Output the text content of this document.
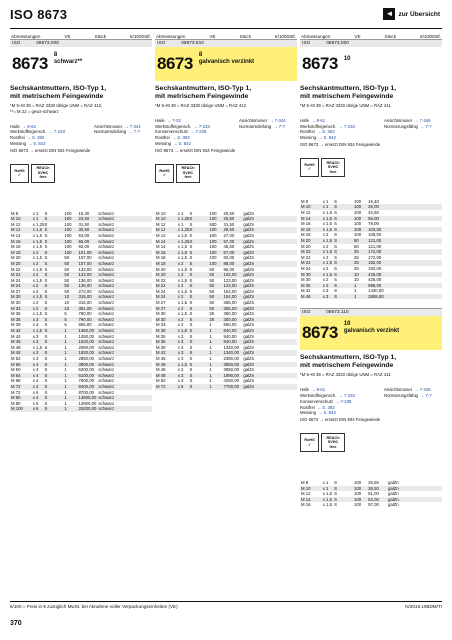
ISO 8673	◄ zur Übersicht
Abmessungen	VE	Stück	€/1000Stf.
ISO	08673.000
8673 8
schwarz**
Sechskantmuttern, ISO-Typ 1,
mit metrischem Feingewinde
*M 5–M 39 = RAZ 3330 übrige UNM = RAZ 412,
**= M 22 = gewz-schwarz
Haile → 8-62	Ansichtsmoser → 7-344
Werkstoffeigensch. → 7-233	Normarrede/lang → 7-?
Rostfrei → 5. 382
Messing → 5. 842
ISO 8673 → ersetzt DIN 934 Feingewinde
RoHS
✓
REACh
SVHC
free
M 8	x 1	S	100	15,30	schwarz
M 10	x 1	S	100	23,50	schwarz
M 12	x 1,25	S	100	31,50	schwarz
M 12	x 1,5	S	100	30,50	schwarz
M 14	x 1,5	S	100	53,00	schwarz
M 16	x 1,5	S	100	66,00	schwarz
M 18	x 1,5	S	100	92,00	schwarz
M 18	x 2	S	100	101,00	schwarz
M 20	x 1,5	S	50	107,00	schwarz
M 20	x 2	S	50	107,00	schwarz
M 22	x 1,5	S	50	133,00	schwarz
M 22	x 2	S	50	133,00	schwarz
M 24	x 1,5	S	50	136,00	schwarz
M 24	x 2	S	50	136,00	schwarz
M 27	x 2	S	50	273,00	schwarz
M 30	x 1,5	S	10	315,00	schwarz
M 30	x 2	S	10	315,00	schwarz
M 33	x 2	S	10	381,00	schwarz
M 36	x 1,5	S	5	790,00	schwarz
M 36	x 3	S	5	790,00	schwarz
M 39	x 3	S	5	955,00	schwarz
M 42	x 1,5	S	1	1360,00	schwarz
M 42	x 3	S	1	1260,00	schwarz
M 45	x 3	S	1	1520,00	schwarz
M 48	x 1,5	S	1	2080,00	schwarz
M 48	x 3	S	1	1820,00	schwarz
M 52	x 3	S	1	2850,00	schwarz
M 56	x 4	S	1	3900,00	schwarz
M 60	x 4	S	1	5200,00	schwarz
M 64	x 4	S	1	6100,00	schwarz
M 68	x 4	S	1	7900,00	schwarz
M 72	x 4	S	1	9400,00	schwarz
M 72	x 6	S	1	8700,00	schwarz
M 80	x 4	S	1	13800,00	schwarz
M 80	x 6	S	1	13900,00	schwarz
M 100	x 6	S	1	25200,00	schwarz
Abmessungen	VE	Stück	€/1000Stf.
ISO	08673.810
8673 8
galvanisch verzinkt
Sechskantmuttern, ISO-Typ 1,
mit metrischem Feingewinde
*M 5–M 39 = RAZ 3330 übrige UNM = RAZ 412
Haile → 7-02	Ansichtsmoser → 7-344
Werkstoffeigensch. → 7-233	Normarrede/lang → 7-?
Konservenschutz → 7-238
Rostfrei → S. 382
Messing → S. 842
ISO 8673 → ersetzt DIN 934 Feingewinde
RoHS
✓
REACh
SVHC
free
M 10	x 1	S	100	20,50	galZn
M 10	x 1,25	S	100	25,50	galZn
M 12	x 1	S	500	31,50	galZn
M 12	x 1,25	S	100	29,50	galZn
M 12	x 1,5	S	100	27,00	galZn
M 14	x 1,25	S	100	57,00	galZn
M 14	x 1,5	S	100	45,50	galZn
M 16	x 1,5	S	100	57,00	galZn
M 18	x 1,5	S	100	82,00	galZn
M 18	x 2	S	100	88,00	galZn
M 20	x 1,5	S	50	96,00	galZn
M 20	x 2	S	50	102,00	galZn
M 22	x 1,5	S	50	123,00	galZn
M 22	x 2	S	50	123,00	galZn
M 24	x 1,5	S	50	154,00	galZn
M 24	x 2	S	50	154,00	galZn
M 27	x 1,5	S	50	365,00	galZn
M 27	x 2	S	50	365,00	galZn
M 30	x 1,5	S	25	360,00	galZn
M 30	x 2	S	25	300,00	galZn
M 33	x 2	S	1	550,00	galZn
M 36	x 1,5	S	1	840,00	galZn
M 36	x 2	S	1	840,00	galZn
M 36	x 3	S	1	840,00	galZn
M 39	x 3	S	1	1340,00	galZn
M 42	x 3	S	1	1340,00	galZn
M 45	x 3	S	1	2380,00	galZn
M 48	x 1,5	S	1	3850,00	galZn
M 48	x 2	S	1	3850,00	galZn
M 48	x 3	S	1	1990,00	galZn
M 52	x 3	S	1	4250,00	galZn
M 72	x 6	S	1	7700,00	galZn
Abmessungen	VE	Stück	€/1000Stf.
ISO	08673.000
8673 10
Sechskantmuttern, ISO-Typ 1,
mit metrischem Feingewinde
*M 5–M 39 = RAZ 3320 übrige UNM = RAZ 411
Hafe → 8-61	Ansichtsmoser → 7-346
Werkstoffeigensch. → 7-233	Normierungsfähig → 7-?
Rostfrei → S. 382
Messing → S. 842
ISO 8673 → ersetzt DIN 934 Feingewinde
RoHS
✓
REACh
SVHC
free
M 8	x 1	S	100	16,40	
M 10	x 1	S	100	26,00	
M 12	x 1,5	S	100	42,50	
M 14	x 1,5	S	100	56,00	
M 16	x 1,5	S	100	78,00	
M 18	x 1,5	S	100	103,00	
M 18	x 2	S	100	108,00	
M 20	x 1,5	S	50	121,00	
M 20	x 2	S	50	121,00	
M 22	x 1,5	S	25	172,00	
M 22	x 2	S	25	172,00	
M 24	x 1,5	S	25	192,00	
M 24	x 2	S	25	192,00	
M 30	x 1,5	S	10	425,00	
M 30	x 2	S	10	425,00	
M 36	x 2	S	1	998,00	
M 42	x 3	S	1	1430,00	
M 48	x 3	S	1	2858,00	
ISO	08673.110
8673 10
galvanisch verzinkt
Sechskantmuttern, ISO-Typ 1,
mit metrischem Feingewinde
*M 5–M 39 = RAZ 3320 übrige UNM = RAZ 411
Hafe → 8-61	Ansichtsmoser → 7-346
Werkstoffeigensch. → 7-233	Normierungsfähig → 7-?
Konservenschutz → 7-238
Rostfrei → S. 382
Messing → S. 842
ISO 8673 → ersetzt DIN 934 Feingewinde
RoHS
✓
REACh
SVHC
free
M 8	x 1	S	100	25,50	galZn
M 10	x 1	S	100	35,50	galZn
M 12	x 1,5	S	100	51,00	galZn
M 14	x 1,5	S	100	62,00	galZn
M 16	x 1,5	S	100	97,00	galZn
€/100 = Preis in € zuzüglich MwSt. bei Abnahme voller Verpackungseinheiten (VE)	N/2019.10BDM/TI
370
